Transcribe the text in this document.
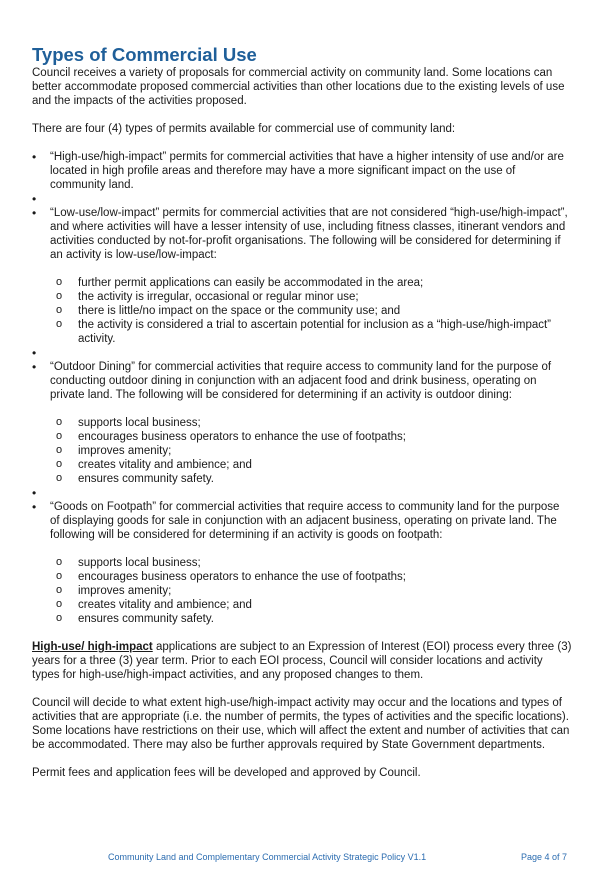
Types of Commercial Use

Council receives a variety of proposals for commercial activity on community land. Some locations can better accommodate proposed commercial activities than other locations due to the existing levels of use and the impacts of the activities proposed.

There are four (4) types of permits available for commercial use of community land:

• “High-use/high-impact” permits for commercial activities that have a higher intensity of use and/or are located in high profile areas and therefore may have a more significant impact on the use of community land.
•
• “Low-use/low-impact” permits for commercial activities that are not considered “high-use/high-impact”, and where activities will have a lesser intensity of use, including fitness classes, itinerant vendors and activities conducted by not-for-profit organisations. The following will be considered for determining if an activity is low-use/low-impact:
o further permit applications can easily be accommodated in the area;
o the activity is irregular, occasional or regular minor use;
o there is little/no impact on the space or the community use; and
o the activity is considered a trial to ascertain potential for inclusion as a “high-use/high-impact” activity.
•
• “Outdoor Dining” for commercial activities that require access to community land for the purpose of conducting outdoor dining in conjunction with an adjacent food and drink business, operating on private land. The following will be considered for determining if an activity is outdoor dining:
o supports local business;
o encourages business operators to enhance the use of footpaths;
o improves amenity;
o creates vitality and ambience; and
o ensures community safety.
•
• “Goods on Footpath” for commercial activities that require access to community land for the purpose of displaying goods for sale in conjunction with an adjacent business, operating on private land. The following will be considered for determining if an activity is goods on footpath:
o supports local business;
o encourages business operators to enhance the use of footpaths;
o improves amenity;
o creates vitality and ambience; and
o ensures community safety.

High-use/ high-impact applications are subject to an Expression of Interest (EOI) process every three (3) years for a three (3) year term. Prior to each EOI process, Council will consider locations and activity types for high-use/high-impact activities, and any proposed changes to them.

Council will decide to what extent high-use/high-impact activity may occur and the locations and types of activities that are appropriate (i.e. the number of permits, the types of activities and the specific locations). Some locations have restrictions on their use, which will affect the extent and number of activities that can be accommodated. There may also be further approvals required by State Government departments.

Permit fees and application fees will be developed and approved by Council.

Community Land and Complementary Commercial Activity Strategic Policy V1.1	Page 4 of 7
